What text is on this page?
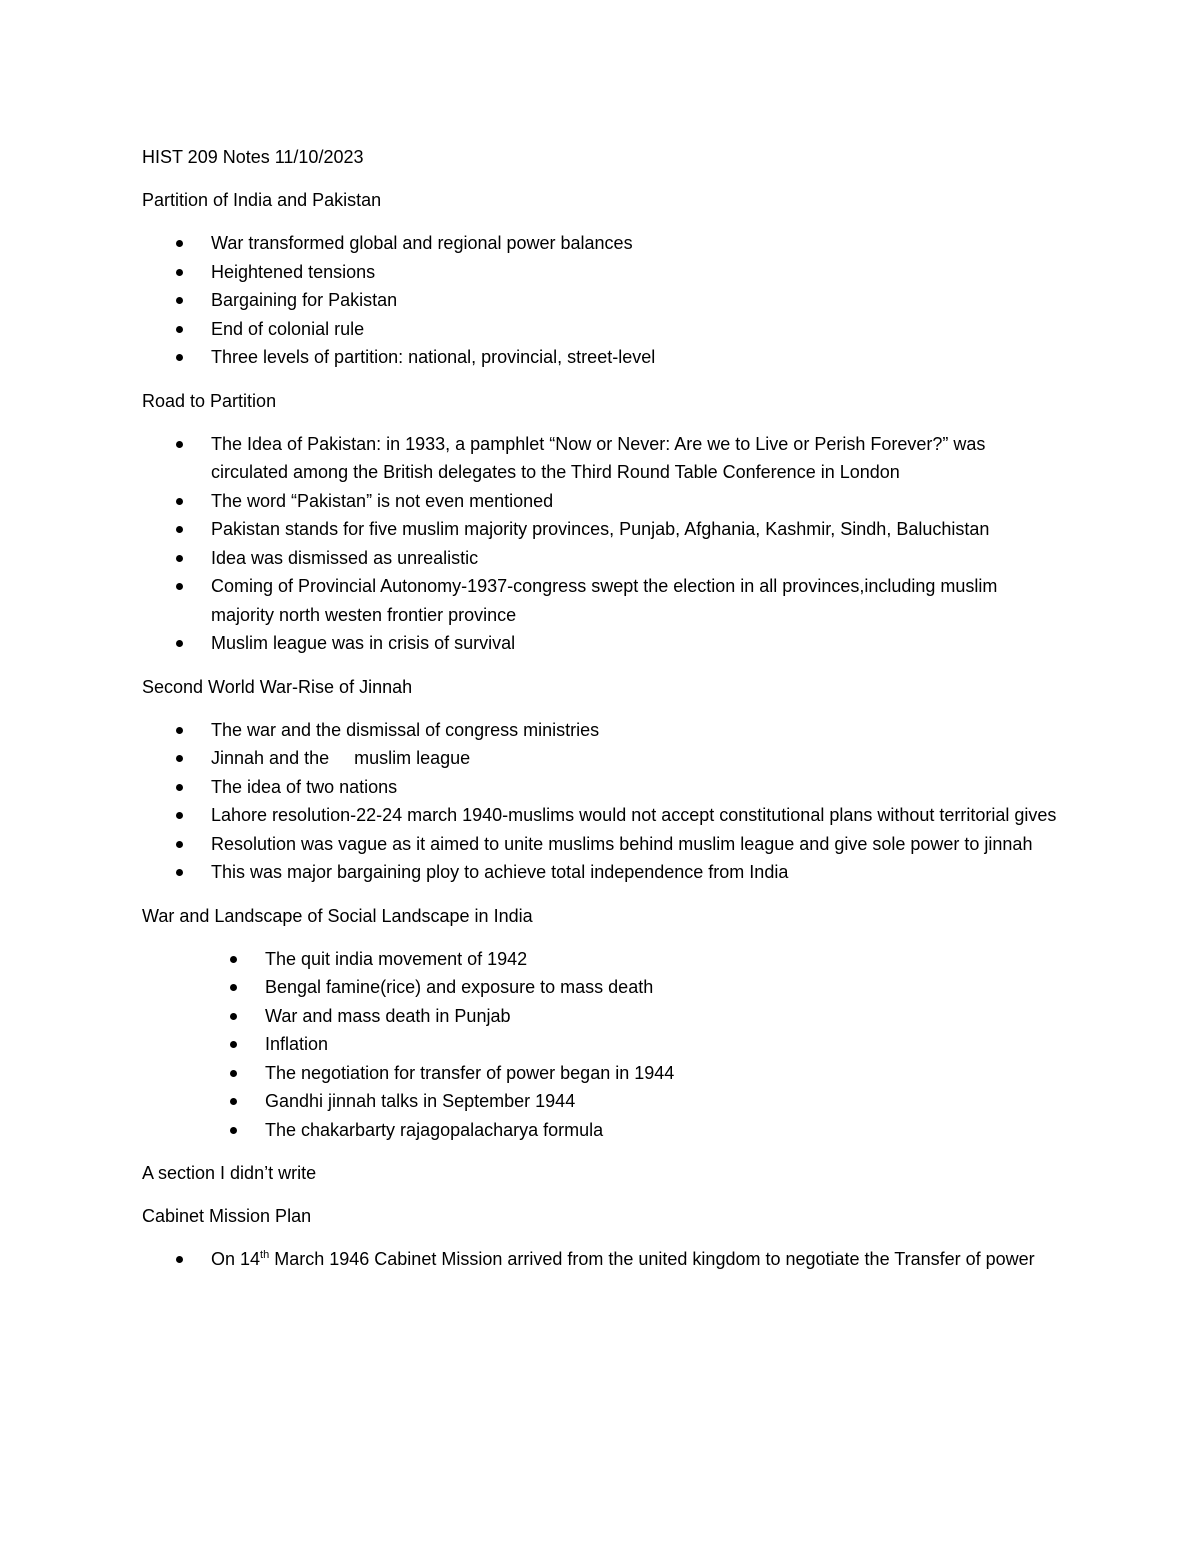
HIST 209 Notes 11/10/2023

Partition of India and Pakistan

War transformed global and regional power balances
Heightened tensions
Bargaining for Pakistan
End of colonial rule
Three levels of partition: national, provincial, street-level

Road to Partition

The Idea of Pakistan: in 1933, a pamphlet “Now or Never: Are we to Live or Perish Forever?” was circulated among the British delegates to the Third Round Table Conference in London
The word “Pakistan” is not even mentioned
Pakistan stands for five muslim majority provinces, Punjab, Afghania, Kashmir, Sindh, Baluchistan
Idea was dismissed as unrealistic
Coming of Provincial Autonomy-1937-congress swept the election in all provinces,including muslim majority north westen frontier province
Muslim league was in crisis of survival

Second World War-Rise of Jinnah

The war and the dismissal of congress ministries
Jinnah and the     muslim league
The idea of two nations
Lahore resolution-22-24 march 1940-muslims would not accept constitutional plans without territorial gives
Resolution was vague as it aimed to unite muslims behind muslim league and give sole power to jinnah
This was major bargaining ploy to achieve total independence from India

War and Landscape of Social Landscape in India

The quit india movement of 1942
Bengal famine(rice) and exposure to mass death
War and mass death in Punjab
Inflation
The negotiation for transfer of power began in 1944
Gandhi jinnah talks in September 1944
The chakarbarty rajagopalacharya formula

A section I didn’t write

Cabinet Mission Plan

On 14th March 1946 Cabinet Mission arrived from the united kingdom to negotiate the Transfer of power
